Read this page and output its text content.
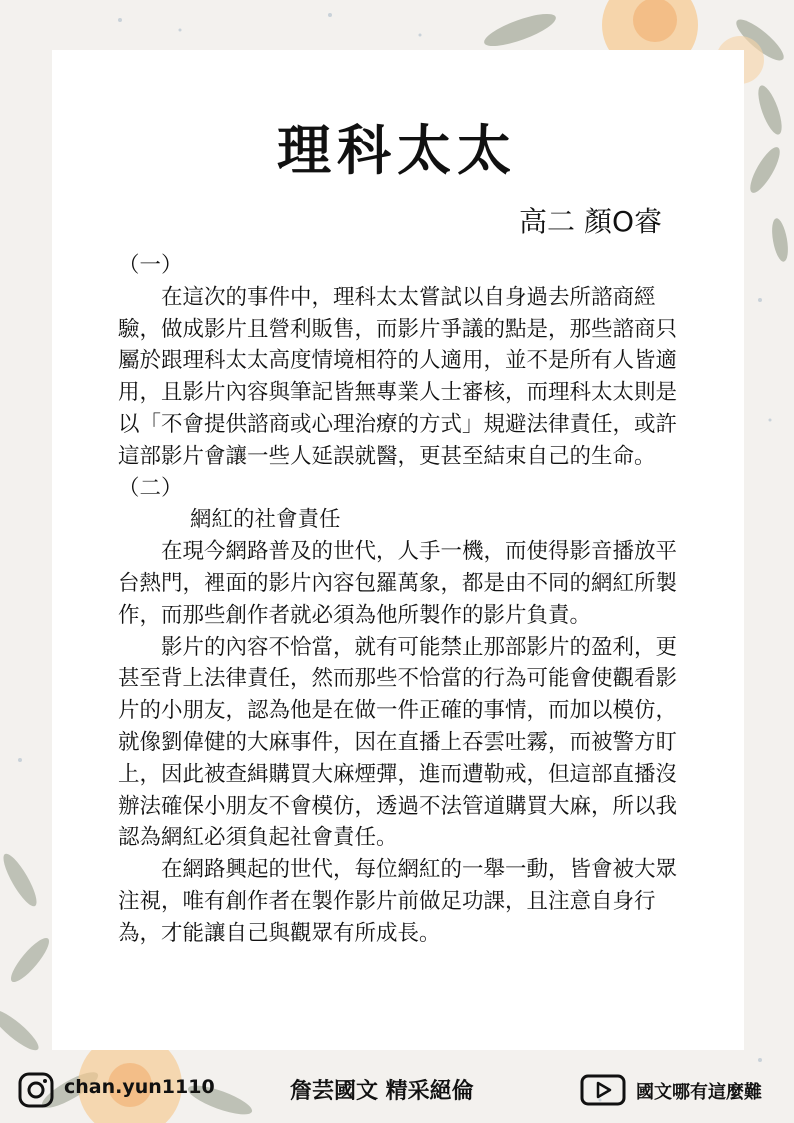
理科太太
高二 顏O睿

（一）

在這次的事件中，理科太太嘗試以自身過去所諮商經驗，做成影片且營利販售，而影片爭議的點是，那些諮商只屬於跟理科太太高度情境相符的人適用，並不是所有人皆適用，且影片內容與筆記皆無專業人士審核，而理科太太則是以「不會提供諮商或心理治療的方式」規避法律責任，或許這部影片會讓一些人延誤就醫，更甚至結束自己的生命。

（二）

網紅的社會責任

在現今網路普及的世代，人手一機，而使得影音播放平台熱門，裡面的影片內容包羅萬象，都是由不同的網紅所製作，而那些創作者就必須為他所製作的影片負責。

影片的內容不恰當，就有可能禁止那部影片的盈利，更甚至背上法律責任，然而那些不恰當的行為可能會使觀看影片的小朋友，認為他是在做一件正確的事情，而加以模仿，就像劉偉健的大麻事件，因在直播上吞雲吐霧，而被警方盯上，因此被查緝購買大麻煙彈，進而遭勒戒，但這部直播沒辦法確保小朋友不會模仿，透過不法管道購買大麻，所以我認為網紅必須負起社會責任。

在網路興起的世代，每位網紅的一舉一動，皆會被大眾注視，唯有創作者在製作影片前做足功課，且注意自身行為，才能讓自己與觀眾有所成長。

chan.yun1110	詹芸國文 精采絕倫	國文哪有這麼難
